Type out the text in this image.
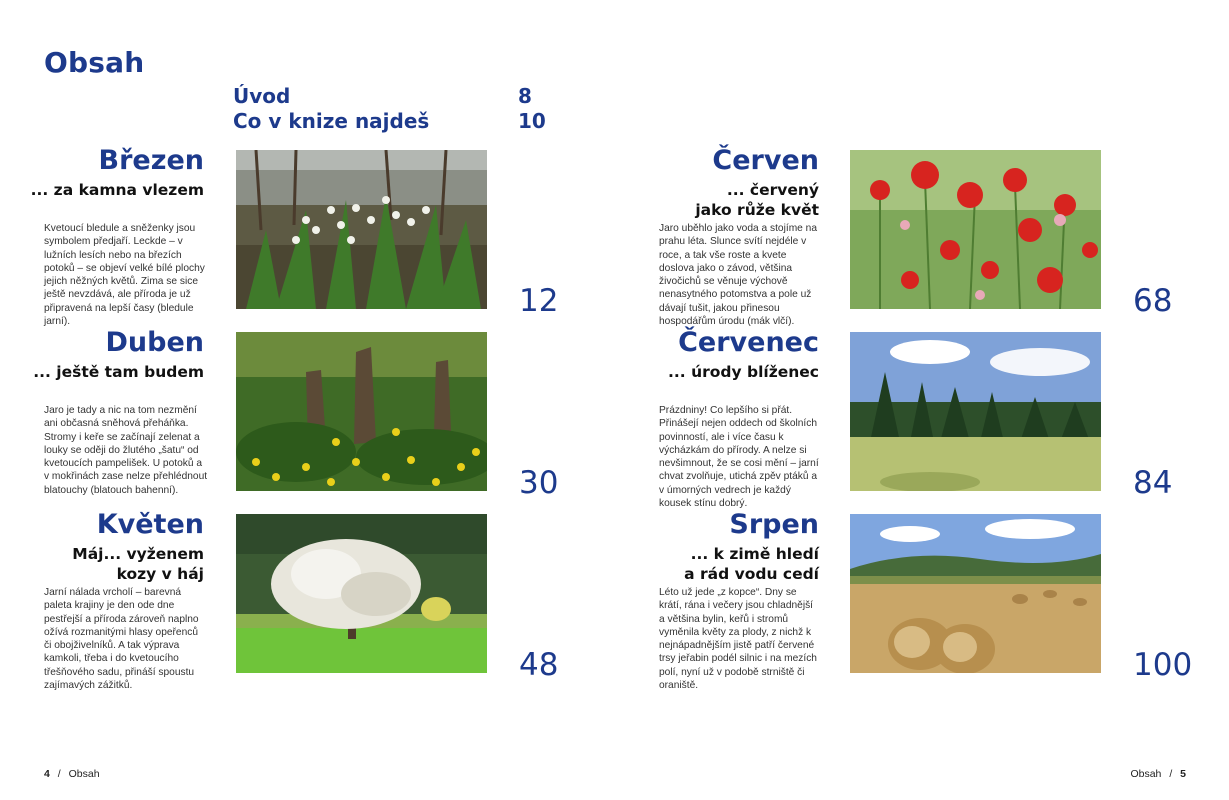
Obsah
Úvod	8
Co v knize najdeš	10
Březen
... za kamna vlezem
Kvetoucí bledule a sněženky jsou symbolem předjaří. Leckde – v lužních lesích nebo na březích potoků – se objeví velké bílé plochy jejich něžných květů. Zima se sice ještě nevzdává, ale příroda je už připravená na lepší časy (bledule jarní).
12
Duben
... ještě tam budem
Jaro je tady a nic na tom nezmění ani občasná sněhová přeháňka. Stromy i keře se začínají zelenat a louky se oději do žlutého „šatu“ od kvetoucích pampelišek. U potoků a v mokřinách zase nelze přehlédnout blatouchy (blatouch bahenní).	30
Květen
Máj... vyženem
kozy v háj
Jarní nálada vrcholí – barevná paleta krajiny je den ode dne pestřejší a příroda zároveň naplno ožívá rozmanitými hlasy opeřenců či obojživelníků. A tak výprava kamkoli, třeba i do kvetoucího třešňového sadu, přináší spoustu zajímavých zážitků.
48
Červen
... červený
jako růže květ
Jaro uběhlo jako voda a stojíme na prahu léta. Slunce svítí nejdéle v roce, a tak vše roste a kvete doslova jako o závod, většina živočichů se věnuje výchově nenasytného potomstva a pole už dávají tušit, jakou přinesou hospodářům úrodu (mák vlčí).
68
Červenec
... úrody blíženec
Prázdniny! Co lepšího si přát. Přinášejí nejen oddech od školních povinností, ale i více času k výcházkám do přírody. A nelze si nevšimnout, že se cosi mění – jarní chvat zvolňuje, utichá zpěv ptáků a v úmorných vedrech je každý kousek stínu dobrý.
84
Srpen
... k zimě hledí
a rád vodu cedí
Léto už jede „z kopce“. Dny se krátí, rána i večery jsou chladnější a většina bylin, keřů i stromů vyměnila květy za plody, z nichž k nejnápadnějším jistě patří červené trsy jeřabin podél silnic i na mezích polí, nyní už v podobě strniště či oraniště.
100
4 / Obsah	Obsah / 5
